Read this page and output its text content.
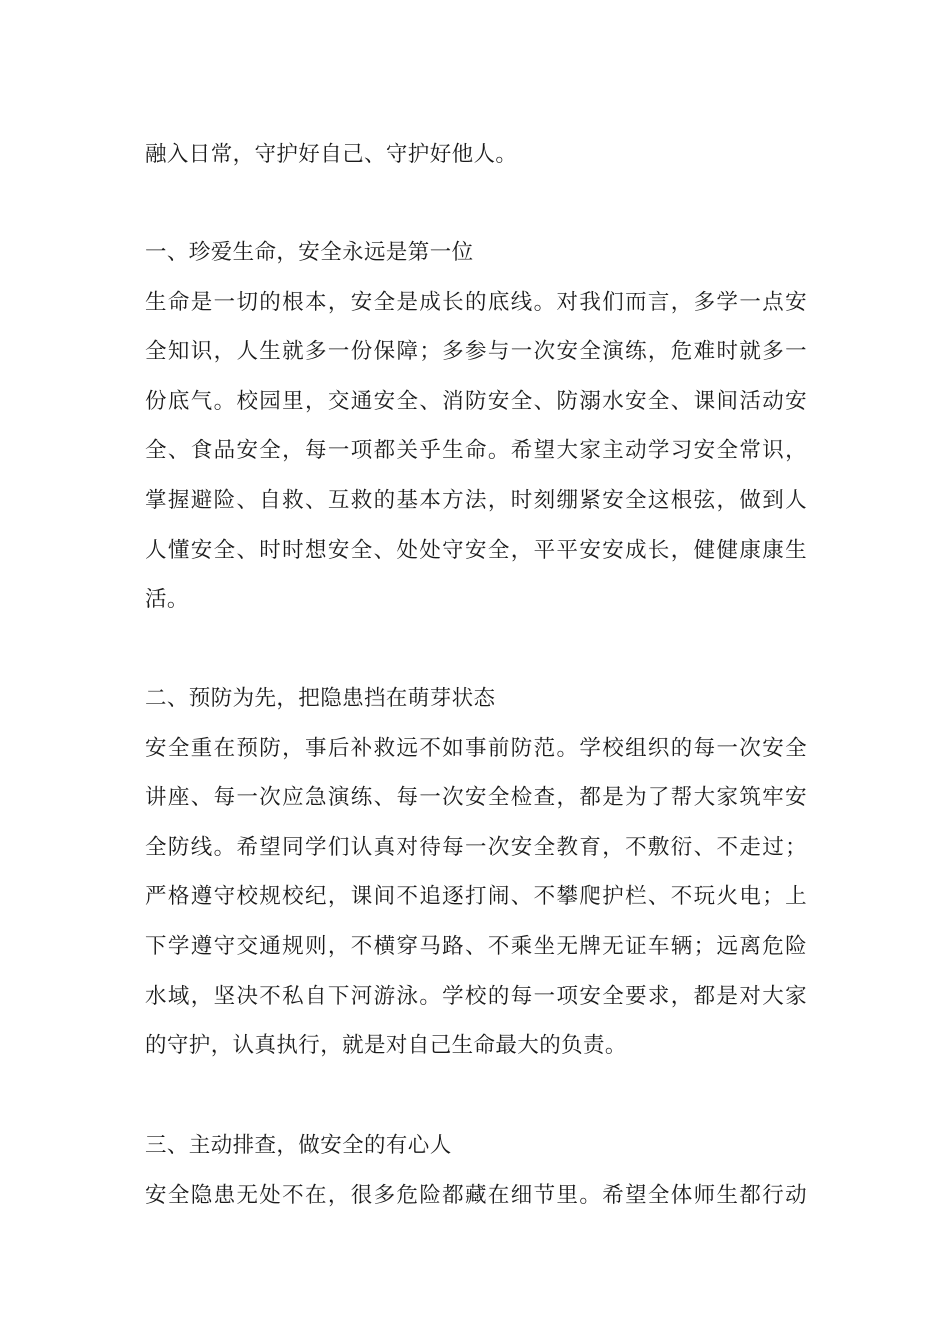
融入日常，守护好自己、守护好他人。
一、珍爱生命，安全永远是第一位
生命是一切的根本，安全是成长的底线。对我们而言，多学一点安
全知识，人生就多一份保障；多参与一次安全演练，危难时就多一
份底气。校园里，交通安全、消防安全、防溺水安全、课间活动安
全、食品安全，每一项都关乎生命。希望大家主动学习安全常识，
掌握避险、自救、互救的基本方法，时刻绷紧安全这根弦，做到人
人懂安全、时时想安全、处处守安全，平平安安成长，健健康康生
活。
二、预防为先，把隐患挡在萌芽状态
安全重在预防，事后补救远不如事前防范。学校组织的每一次安全
讲座、每一次应急演练、每一次安全检查，都是为了帮大家筑牢安
全防线。希望同学们认真对待每一次安全教育，不敷衍、不走过；
严格遵守校规校纪，课间不追逐打闹、不攀爬护栏、不玩火电；上
下学遵守交通规则，不横穿马路、不乘坐无牌无证车辆；远离危险
水域，坚决不私自下河游泳。学校的每一项安全要求，都是对大家
的守护，认真执行，就是对自己生命最大的负责。
三、主动排查，做安全的有心人
安全隐患无处不在，很多危险都藏在细节里。希望全体师生都行动
